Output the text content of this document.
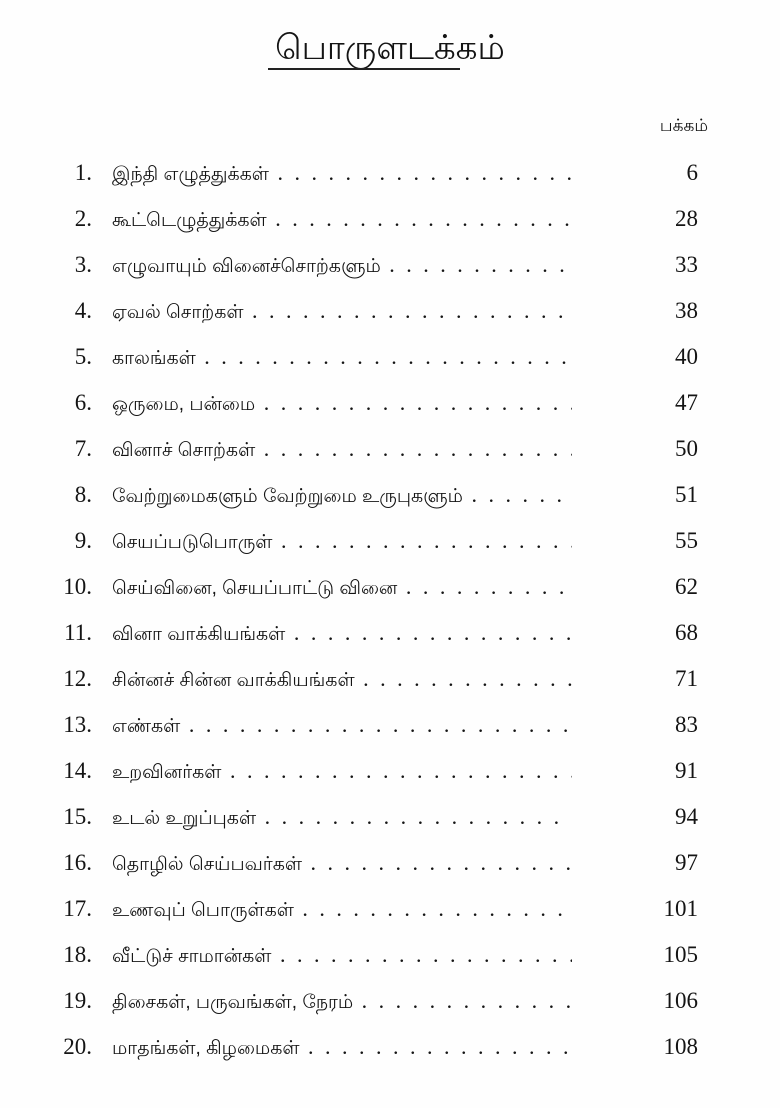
பொருளடக்கம்
பக்கம்
1. இந்தி எழுத்துக்கள் . . .	6
2. கூட்டெழுத்துக்கள் . . .	28
3. எழுவாயும் வினைச்சொற்களும் . . .	33
4. ஏவல் சொற்கள் . . .	38
5. காலங்கள் . . .	40
6. ஒருமை, பன்மை . . .	47
7. வினாச் சொற்கள் . . .	50
8. வேற்றுமைகளும் வேற்றுமை உருபுகளும் . . .	51
9. செயப்படுபொருள் . . .	55
10. செய்வினை, செயப்பாட்டு வினை . . .	62
11. வினா வாக்கியங்கள் . . .	68
12. சின்னச் சின்ன வாக்கியங்கள் . . .	71
13. எண்கள் . . .	83
14. உறவினர்கள் . . .	91
15. உடல் உறுப்புகள் . . .	94
16. தொழில் செய்பவர்கள் . . .	97
17. உணவுப் பொருள்கள் . . .	101
18. வீட்டுச் சாமான்கள் . . .	105
19. திசைகள், பருவங்கள், நேரம் . . .	106
20. மாதங்கள், கிழமைகள் . . .	108
